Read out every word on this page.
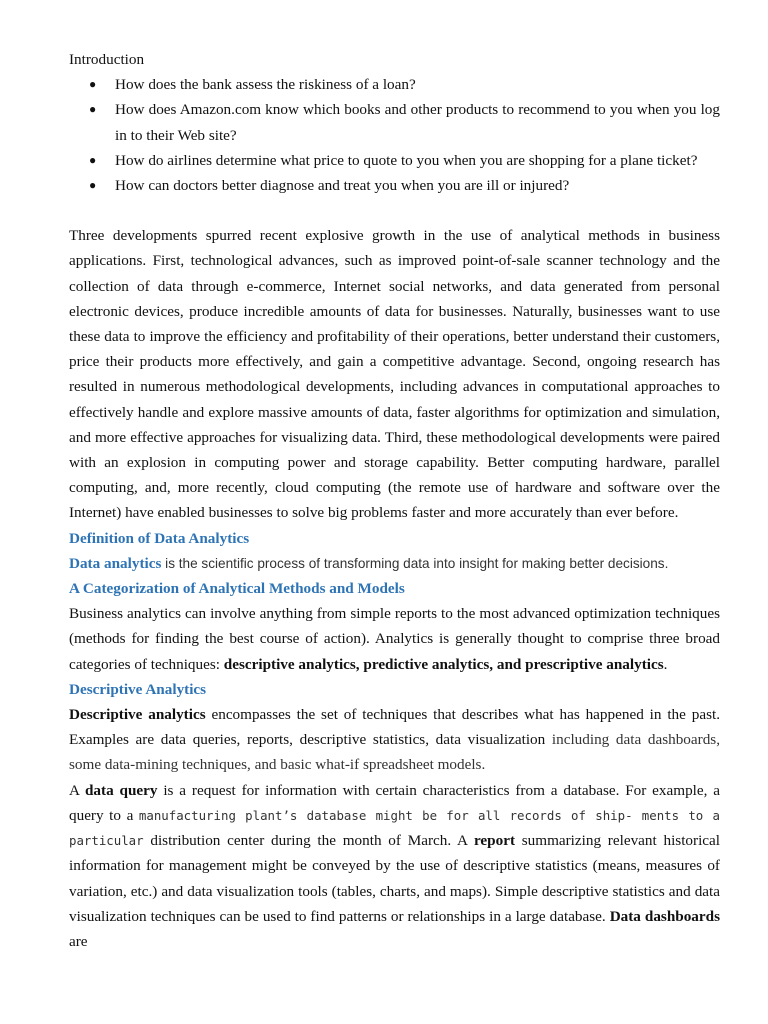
Introduction

● How does the bank assess the riskiness of a loan?
● How does Amazon.com know which books and other products to recommend to you when you log in to their Web site?
● How do airlines determine what price to quote to you when you are shopping for a plane ticket?
● How can doctors better diagnose and treat you when you are ill or injured?

Three developments spurred recent explosive growth in the use of analytical methods in business applications. First, technological advances, such as improved point-of-sale scanner technology and the collection of data through e-commerce, Internet social networks, and data generated from personal electronic devices, produce incredible amounts of data for businesses. Naturally, businesses want to use these data to improve the efficiency and profitability of their operations, better understand their customers, price their products more effectively, and gain a competitive advantage. Second, ongoing research has resulted in numerous methodological developments, including advances in computational approaches to effectively handle and explore massive amounts of data, faster algorithms for optimization and simulation, and more effective approaches for visualizing data. Third, these methodological developments were paired with an explosion in computing power and storage capability. Better computing hardware, parallel computing, and, more recently, cloud computing (the remote use of hardware and software over the Internet) have enabled businesses to solve big problems faster and more accurately than ever before.

Definition of Data Analytics

Data analytics is the scientific process of transforming data into insight for making better decisions.

A Categorization of Analytical Methods and Models

Business analytics can involve anything from simple reports to the most advanced optimization techniques (methods for finding the best course of action). Analytics is generally thought to comprise three broad categories of techniques: descriptive analytics, predictive analytics, and prescriptive analytics.

Descriptive Analytics

Descriptive analytics encompasses the set of techniques that describes what has happened in the past. Examples are data queries, reports, descriptive statistics, data visualization including data dashboards, some data-mining techniques, and basic what-if spreadsheet models.

A data query is a request for information with certain characteristics from a database. For example, a query to a manufacturing plant’s database might be for all records of ship- ments to a particular distribution center during the month of March. A report summarizing relevant historical information for management might be conveyed by the use of descriptive statistics (means, measures of variation, etc.) and data visualization tools (tables, charts, and maps). Simple descriptive statistics and data visualization techniques can be used to find patterns or relationships in a large database. Data dashboards are
